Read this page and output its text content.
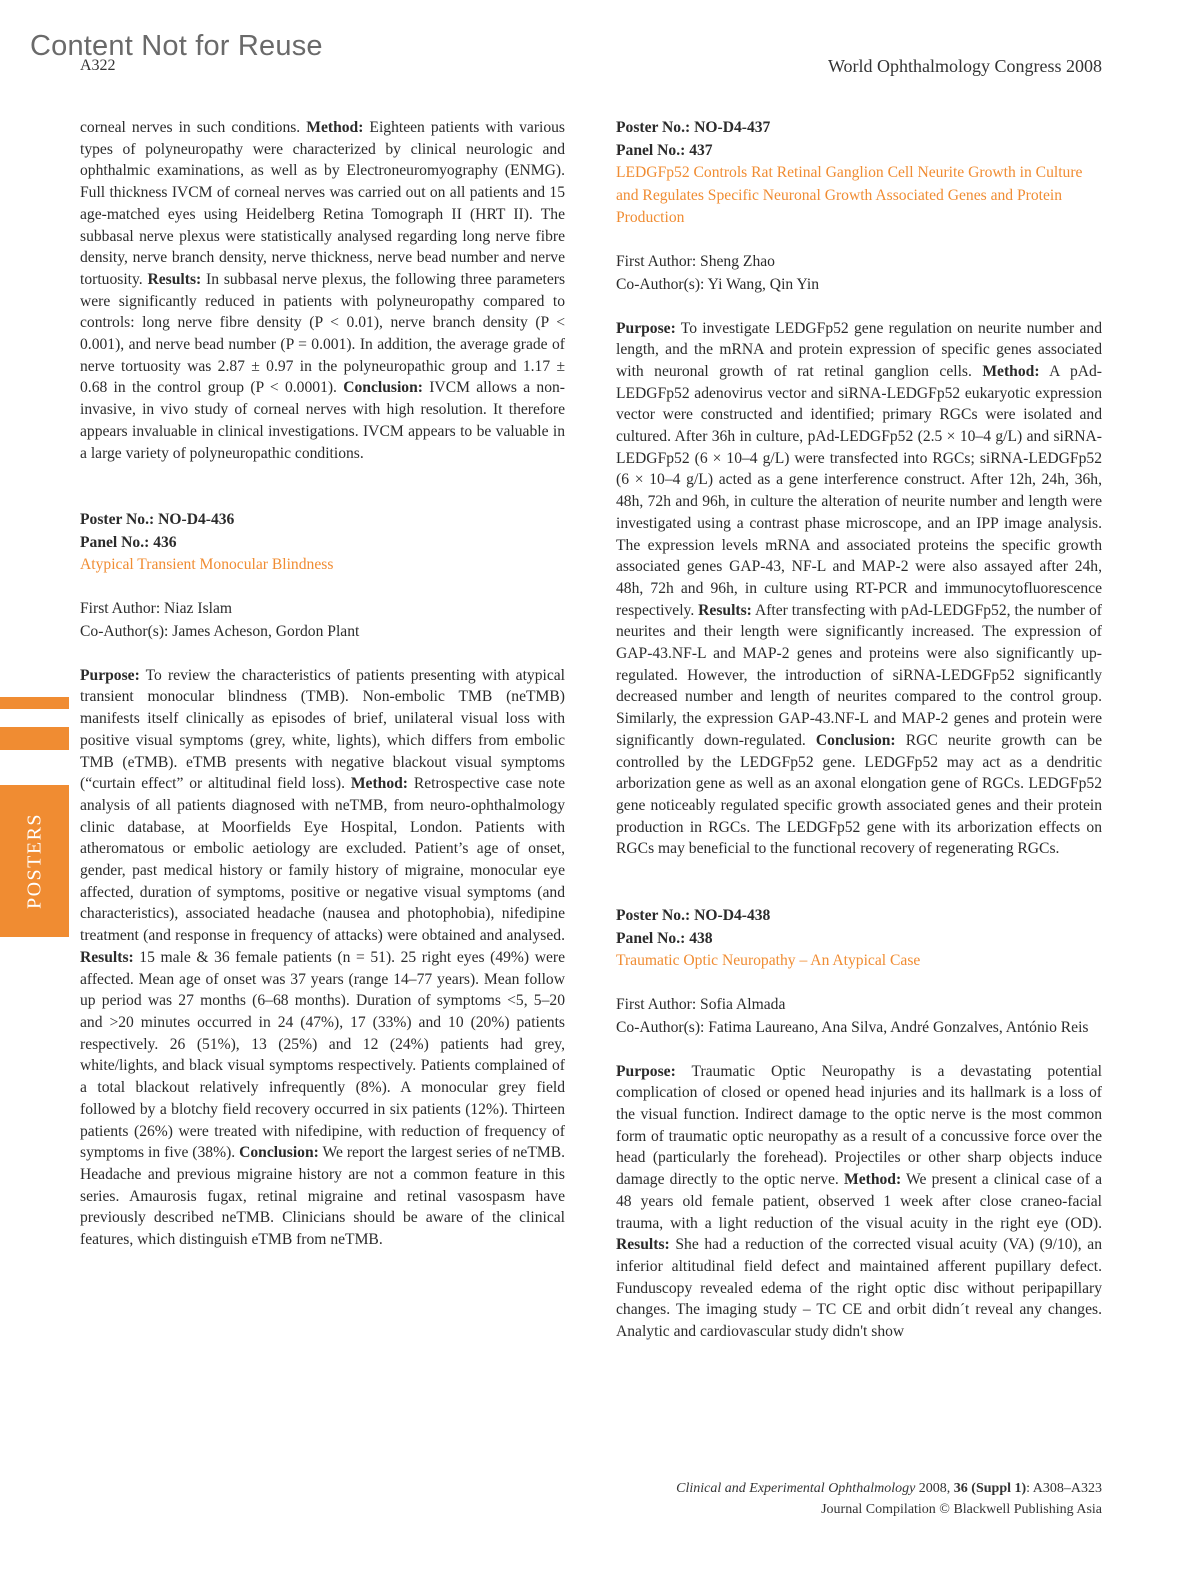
Content Not for Reuse
A322	World Ophthalmology Congress 2008
POSTERS

corneal nerves in such conditions. Method: Eighteen patients with various types of polyneuropathy were characterized by clinical neurologic and ophthalmic examinations, as well as by Electroneuromyography (ENMG). Full thickness IVCM of corneal nerves was carried out on all patients and 15 age-matched eyes using Heidelberg Retina Tomograph II (HRT II). The subbasal nerve plexus were statistically analysed regarding long nerve fibre density, nerve branch density, nerve thickness, nerve bead number and nerve tortuosity. Results: In subbasal nerve plexus, the following three parameters were significantly reduced in patients with polyneuropathy compared to controls: long nerve fibre density (P < 0.01), nerve branch density (P < 0.001), and nerve bead number (P = 0.001). In addition, the average grade of nerve tortuosity was 2.87 ± 0.97 in the polyneuropathic group and 1.17 ± 0.68 in the control group (P < 0.0001). Conclusion: IVCM allows a non-invasive, in vivo study of corneal nerves with high resolution. It therefore appears invaluable in clinical investigations. IVCM appears to be valuable in a large variety of polyneuropathic conditions.

Poster No.: NO-D4-436

Panel No.: 436

Atypical Transient Monocular Blindness

First Author: Niaz Islam

Co-Author(s): James Acheson, Gordon Plant

Purpose: To review the characteristics of patients presenting with atypical transient monocular blindness (TMB). Non-embolic TMB (neTMB) manifests itself clinically as episodes of brief, unilateral visual loss with positive visual symptoms (grey, white, lights), which differs from embolic TMB (eTMB). eTMB presents with negative blackout visual symptoms (“curtain effect” or altitudinal field loss). Method: Retrospective case note analysis of all patients diagnosed with neTMB, from neuro-ophthalmology clinic database, at Moorfields Eye Hospital, London. Patients with atheromatous or embolic aetiology are excluded. Patient’s age of onset, gender, past medical history or family history of migraine, monocular eye affected, duration of symptoms, positive or negative visual symptoms (and characteristics), associated headache (nausea and photophobia), nifedipine treatment (and response in frequency of attacks) were obtained and analysed. Results: 15 male & 36 female patients (n = 51). 25 right eyes (49%) were affected. Mean age of onset was 37 years (range 14–77 years). Mean follow up period was 27 months (6–68 months). Duration of symptoms <5, 5–20 and >20 minutes occurred in 24 (47%), 17 (33%) and 10 (20%) patients respectively. 26 (51%), 13 (25%) and 12 (24%) patients had grey, white/lights, and black visual symptoms respectively. Patients complained of a total blackout relatively infrequently (8%). A monocular grey field followed by a blotchy field recovery occurred in six patients (12%). Thirteen patients (26%) were treated with nifedipine, with reduction of frequency of symptoms in five (38%). Conclusion: We report the largest series of neTMB. Headache and previous migraine history are not a common feature in this series. Amaurosis fugax, retinal migraine and retinal vasospasm have previously described neTMB. Clinicians should be aware of the clinical features, which distinguish eTMB from neTMB.

Poster No.: NO-D4-437

Panel No.: 437

LEDGFp52 Controls Rat Retinal Ganglion Cell Neurite Growth in Culture and Regulates Specific Neuronal Growth Associated Genes and Protein Production

First Author: Sheng Zhao

Co-Author(s): Yi Wang, Qin Yin

Purpose: To investigate LEDGFp52 gene regulation on neurite number and length, and the mRNA and protein expression of specific genes associated with neuronal growth of rat retinal ganglion cells. Method: A pAd-LEDGFp52 adenovirus vector and siRNA-LEDGFp52 eukaryotic expression vector were constructed and identified; primary RGCs were isolated and cultured. After 36h in culture, pAd-LEDGFp52 (2.5 × 10–4 g/L) and siRNA-LEDGFp52 (6 × 10–4 g/L) were transfected into RGCs; siRNA-LEDGFp52 (6 × 10–4 g/L) acted as a gene interference construct. After 12h, 24h, 36h, 48h, 72h and 96h, in culture the alteration of neurite number and length were investigated using a contrast phase microscope, and an IPP image analysis. The expression levels mRNA and associated proteins the specific growth associated genes GAP-43, NF-L and MAP-2 were also assayed after 24h, 48h, 72h and 96h, in culture using RT-PCR and immunocytofluorescence respectively. Results: After transfecting with pAd-LEDGFp52, the number of neurites and their length were significantly increased. The expression of GAP-43.NF-L and MAP-2 genes and proteins were also significantly up-regulated. However, the introduction of siRNA-LEDGFp52 significantly decreased number and length of neurites compared to the control group. Similarly, the expression GAP-43.NF-L and MAP-2 genes and protein were significantly down-regulated. Conclusion: RGC neurite growth can be controlled by the LEDGFp52 gene. LEDGFp52 may act as a dendritic arborization gene as well as an axonal elongation gene of RGCs. LEDGFp52 gene noticeably regulated specific growth associated genes and their protein production in RGCs. The LEDGFp52 gene with its arborization effects on RGCs may beneficial to the functional recovery of regenerating RGCs.

Poster No.: NO-D4-438

Panel No.: 438

Traumatic Optic Neuropathy – An Atypical Case

First Author: Sofia Almada

Co-Author(s): Fatima Laureano, Ana Silva, André Gonzalves, António Reis

Purpose: Traumatic Optic Neuropathy is a devastating potential complication of closed or opened head injuries and its hallmark is a loss of the visual function. Indirect damage to the optic nerve is the most common form of traumatic optic neuropathy as a result of a concussive force over the head (particularly the forehead). Projectiles or other sharp objects induce damage directly to the optic nerve. Method: We present a clinical case of a 48 years old female patient, observed 1 week after close craneo-facial trauma, with a light reduction of the visual acuity in the right eye (OD). Results: She had a reduction of the corrected visual acuity (VA) (9/10), an inferior altitudinal field defect and maintained afferent pupillary defect. Funduscopy revealed edema of the right optic disc without peripapillary changes. The imaging study – TC CE and orbit didn´t reveal any changes. Analytic and cardiovascular study didn't show

Clinical and Experimental Ophthalmology 2008, 36 (Suppl 1): A308–A323
Journal Compilation © Blackwell Publishing Asia
